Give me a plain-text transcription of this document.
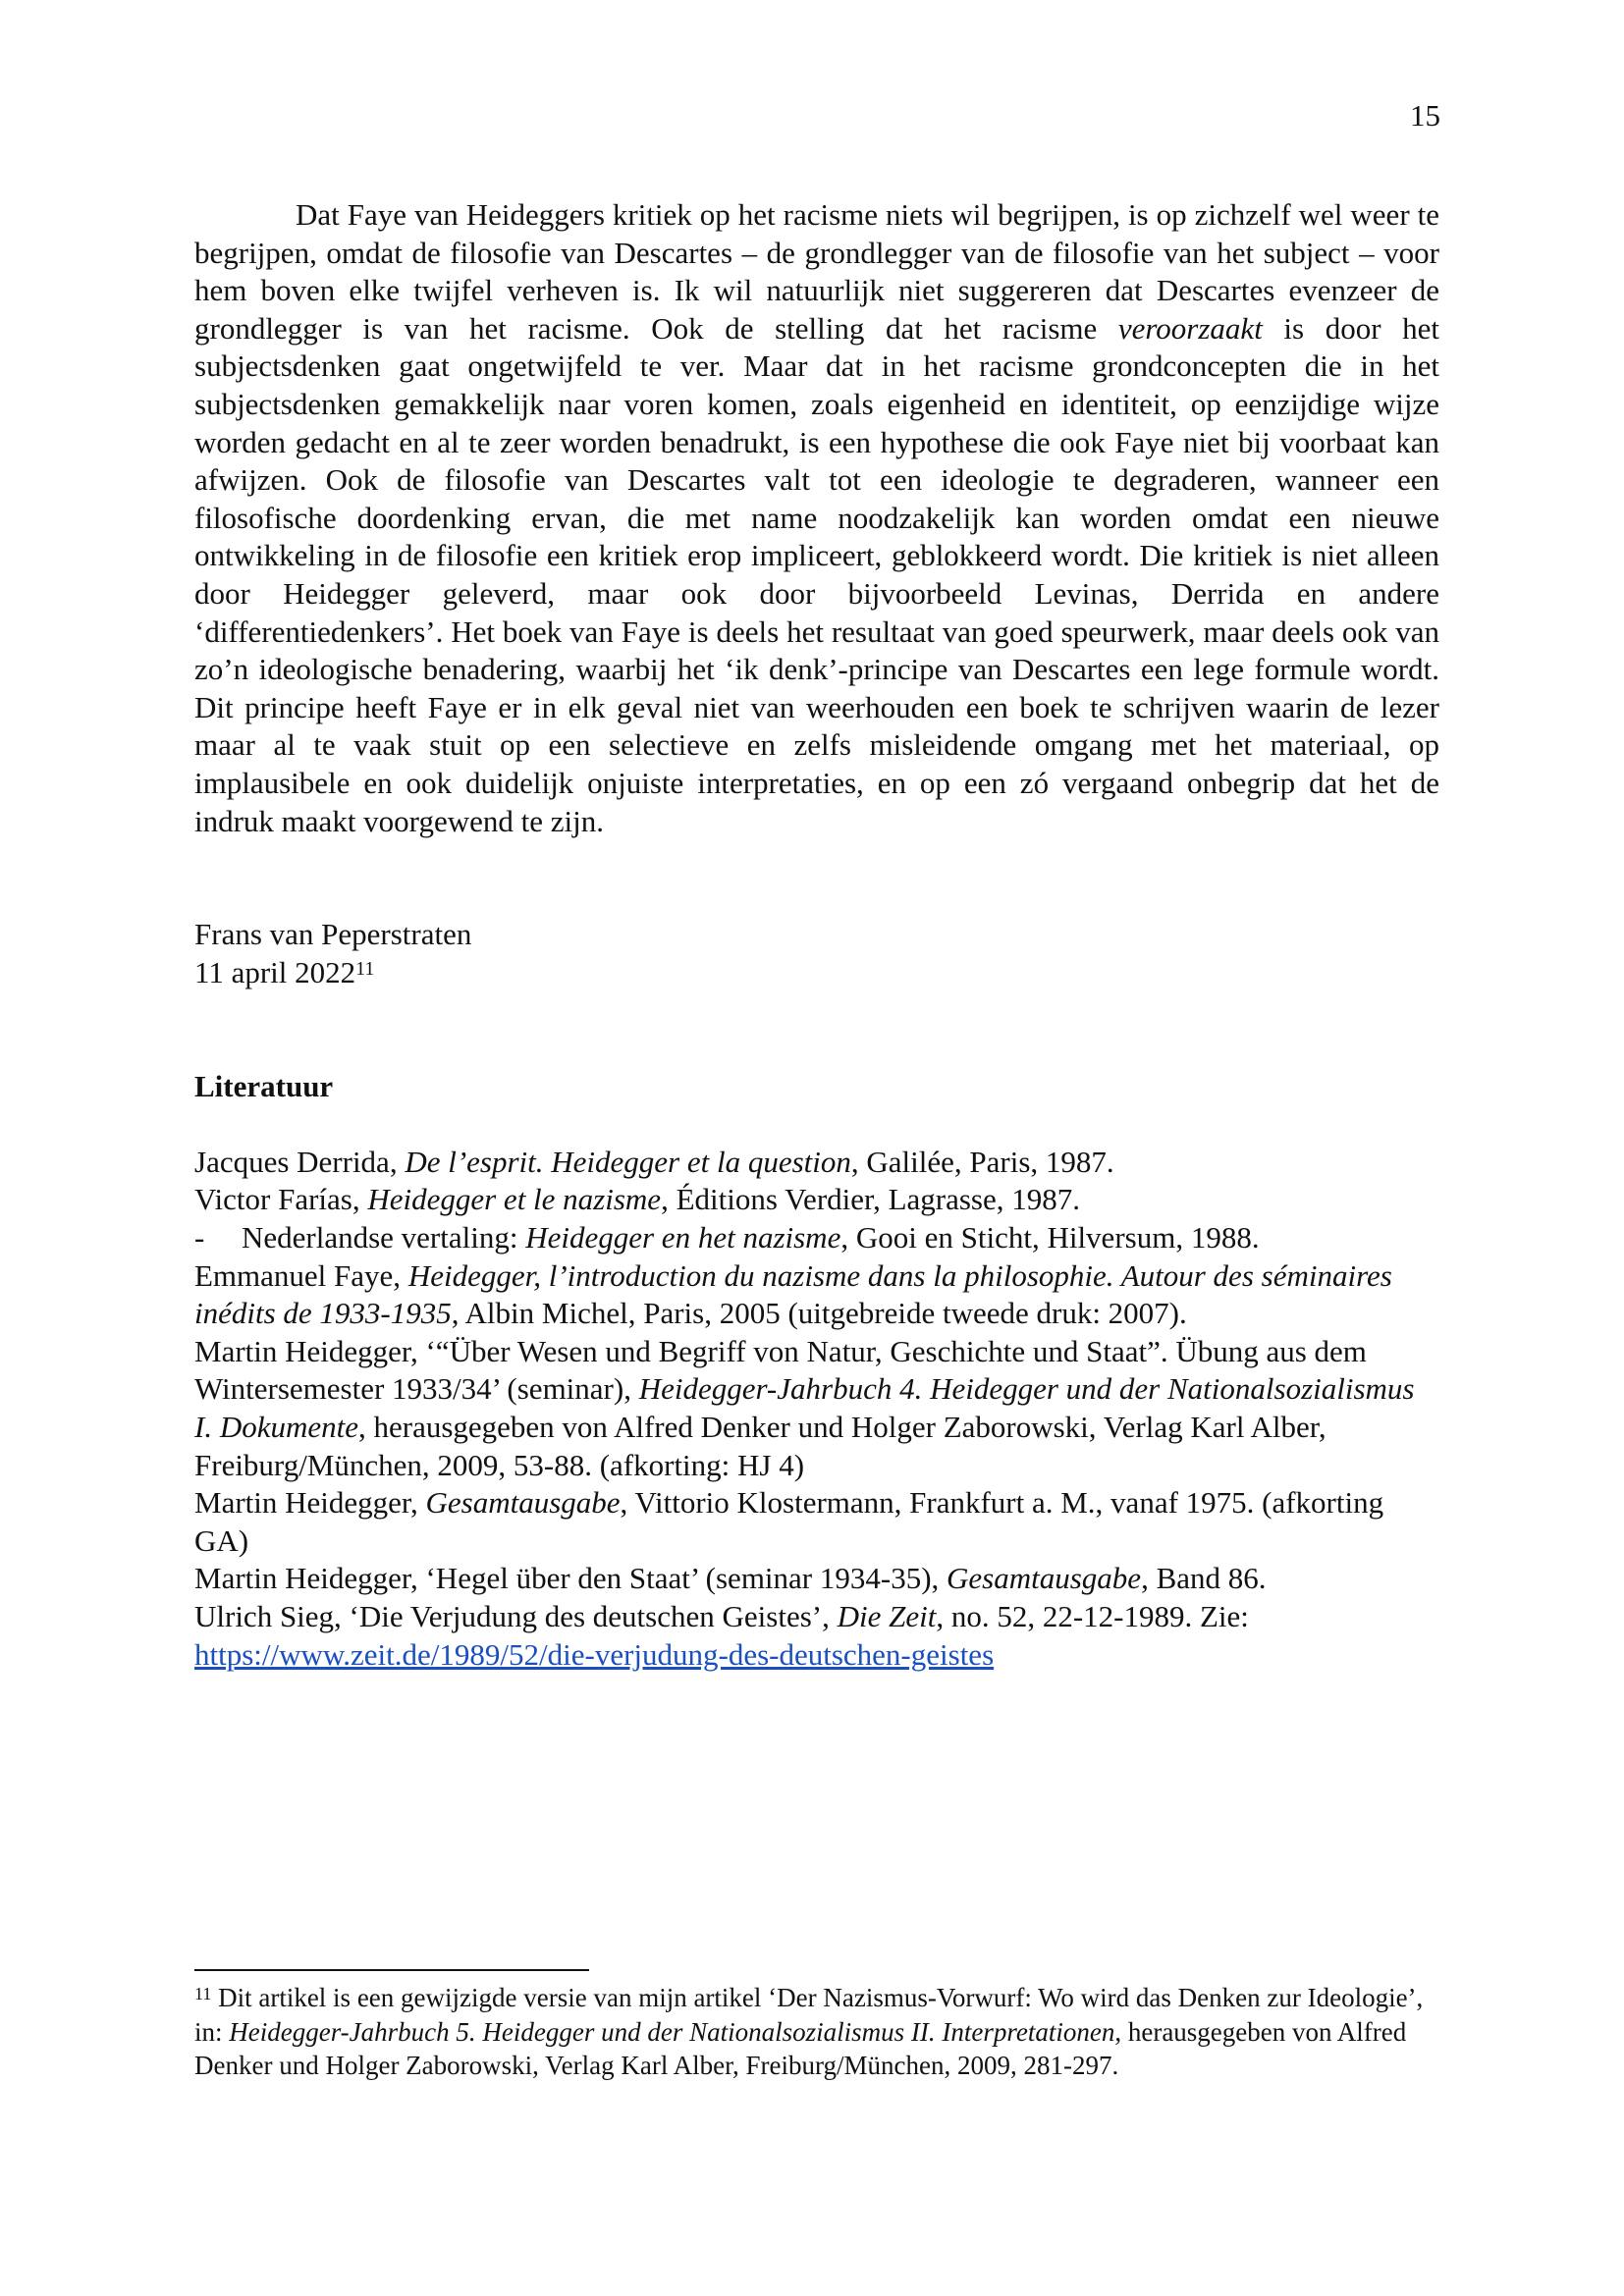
15

Dat Faye van Heideggers kritiek op het racisme niets wil begrijpen, is op zichzelf wel weer te begrijpen, omdat de filosofie van Descartes – de grondlegger van de filosofie van het subject – voor hem boven elke twijfel verheven is. Ik wil natuurlijk niet suggereren dat Descartes evenzeer de grondlegger is van het racisme. Ook de stelling dat het racisme veroorzaakt is door het subjectsdenken gaat ongetwijfeld te ver. Maar dat in het racisme grondconcepten die in het subjectsdenken gemakkelijk naar voren komen, zoals eigenheid en identiteit, op eenzijdige wijze worden gedacht en al te zeer worden benadrukt, is een hypothese die ook Faye niet bij voorbaat kan afwijzen. Ook de filosofie van Descartes valt tot een ideologie te degraderen, wanneer een filosofische doordenking ervan, die met name noodzakelijk kan worden omdat een nieuwe ontwikkeling in de filosofie een kritiek erop impliceert, geblokkeerd wordt. Die kritiek is niet alleen door Heidegger geleverd, maar ook door bijvoorbeeld Levinas, Derrida en andere ‘differentiedenkers’. Het boek van Faye is deels het resultaat van goed speurwerk, maar deels ook van zo’n ideologische benadering, waarbij het ‘ik denk’-principe van Descartes een lege formule wordt. Dit principe heeft Faye er in elk geval niet van weerhouden een boek te schrijven waarin de lezer maar al te vaak stuit op een selectieve en zelfs misleidende omgang met het materiaal, op implausibele en ook duidelijk onjuiste interpretaties, en op een zó vergaand onbegrip dat het de indruk maakt voorgewend te zijn.

Frans van Peperstraten
11 april 2022$^{11}$
Literatuur
Jacques Derrida, De l’esprit. Heidegger et la question, Galilée, Paris, 1987.
Victor Farías, Heidegger et le nazisme, Éditions Verdier, Lagrasse, 1987.
- Nederlandse vertaling: Heidegger en het nazisme, Gooi en Sticht, Hilversum, 1988.
Emmanuel Faye, Heidegger, l’introduction du nazisme dans la philosophie. Autour des séminaires inédits de 1933-1935, Albin Michel, Paris, 2005 (uitgebreide tweede druk: 2007).
Martin Heidegger, ‘“Über Wesen und Begriff von Natur, Geschichte und Staat”. Übung aus dem Wintersemester 1933/34’ (seminar), Heidegger-Jahrbuch 4. Heidegger und der Nationalsozialismus I. Dokumente, herausgegeben von Alfred Denker und Holger Zaborowski, Verlag Karl Alber, Freiburg/München, 2009, 53-88. (afkorting: HJ 4)
Martin Heidegger, Gesamtausgabe, Vittorio Klostermann, Frankfurt a. M., vanaf 1975. (afkorting GA)
Martin Heidegger, ‘Hegel über den Staat’ (seminar 1934-35), Gesamtausgabe, Band 86.
Ulrich Sieg, ‘Die Verjudung des deutschen Geistes’, Die Zeit, no. 52, 22-12-1989. Zie: https://www.zeit.de/1989/52/die-verjudung-des-deutschen-geistes
$^{11}$ Dit artikel is een gewijzigde versie van mijn artikel ‘Der Nazismus-Vorwurf: Wo wird das Denken zur Ideologie’, in: Heidegger-Jahrbuch 5. Heidegger und der Nationalsozialismus II. Interpretationen, herausgegeben von Alfred Denker und Holger Zaborowski, Verlag Karl Alber, Freiburg/München, 2009, 281-297.
